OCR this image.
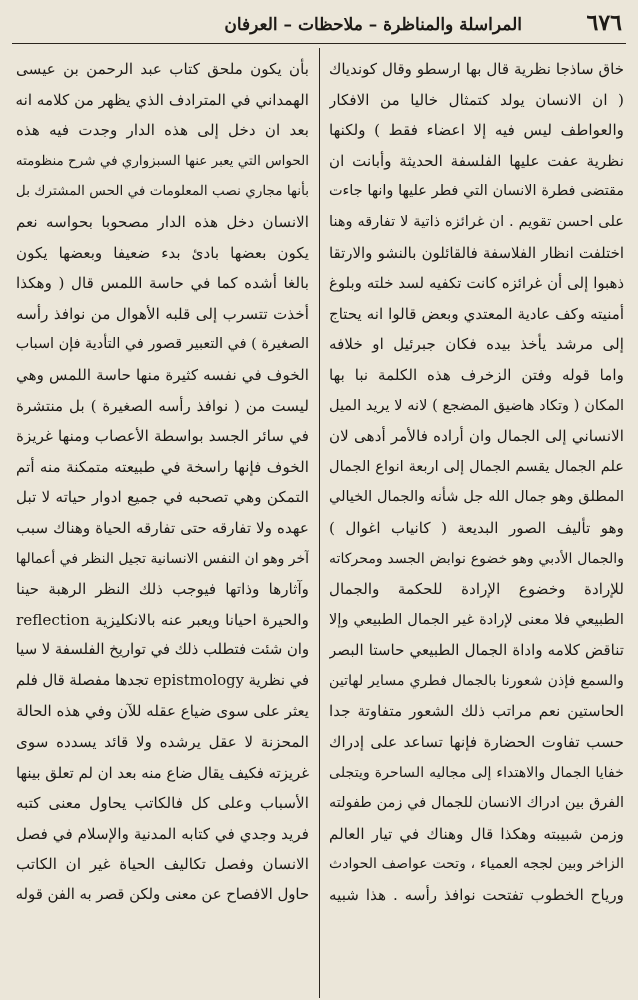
٦٧٦
المراسلة والمناظرة – ملاحظات – العرفان
خاق ساذجا نظرية قال بها ارسطو وقال كوندياك
( ان الانسان يولد كتمثال خاليا من الافكار
والعواطف ليس فيه إلا اعضاء فقط ) ولكنها
نظرية عفت عليها الفلسفة الحديثة وأبانت ان
مقتضى فطرة الانسان التي فطر عليها وانها جاءت
على احسن تقويم . ان غرائزه ذاتية لا تفارقه وهنا
اختلفت انظار الفلاسفة فالقائلون بالنشو والارتقا
ذهبوا إلى أن غرائزه كانت تكفيه لسد خلته وبلوغ
أمنيته وكف عادية المعتدي وبعض قالوا انه يحتاج
إلى مرشد يأخذ بيده فكان جبرئيل او خلافه
واما قوله وفتن الزخرف هذه الكلمة نبا بها
المكان ( وتكاد هاضيق المضجع ) لانه لا يريد الميل
الانساني إلى الجمال وان أراده فالأمر أدهى لان
علم الجمال يقسم الجمال إلى اربعة انواع الجمال
المطلق وهو جمال الله جل شأنه والجمال الخيالي
وهو تأليف الصور البديعة ( كانياب اغوال )
والجمال الأدبي وهو خضوع نوابض الجسد ومحركاته
للإرادة وخضوع الإرادة للحكمة والجمال
الطبيعي فلا معنى لإرادة غير الجمال الطبيعي وإلا
تناقض كلامه واداة الجمال الطبيعي حاستا البصر
والسمع فإذن شعورنا بالجمال فطري مساير لهاتين
الحاستين نعم مراتب ذلك الشعور متفاوتة جدا
حسب تفاوت الحضارة فإنها تساعد على إدراك
خفايا الجمال والاهتداء إلى مجاليه الساحرة ويتجلى
الفرق بين ادراك الانسان للجمال في زمن طفولته
وزمن شبيبته وهكذا قال وهناك في تيار العالم
الزاخر وبين لججه العمياء ، وتحت عواصف الحوادث
ورياح الخطوب تفتحت نوافذ رأسه . هذا شبيه
بأن يكون ملحق كتاب عبد الرحمن بن عيسى
الهمداني في المترادف الذي يظهر من كلامه انه
بعد ان دخل إلى هذه الدار وجدت فيه هذه
الحواس التي يعبر عنها السبزواري في شرح منظومته
بأنها مجاري نصب المعلومات في الحس المشترك بل
الانسان دخل هذه الدار مصحوبا بحواسه نعم
يكون بعضها بادئ بدء ضعيفا وبعضها يكون
بالغا أشده كما في حاسة اللمس قال ( وهكذا
أخذت تتسرب إلى قلبه الأهوال من نوافذ رأسه
الصغيرة ) في التعبير قصور في التأدية فإن اسباب
الخوف في نفسه كثيرة منها حاسة اللمس وهي
ليست من ( نوافذ رأسه الصغيرة ) بل منتشرة
في سائر الجسد بواسطة الأعصاب ومنها غريزة
الخوف فإنها راسخة في طبيعته متمكنة منه أتم
التمكن وهي تصحبه في جميع ادوار حياته لا تبل
عهده ولا تفارقه حتى تفارقه الحياة وهناك سبب
آخر وهو ان النفس الانسانية تجيل النظر في أعمالها
وآثارها وذاتها فيوجب ذلك النظر الرهبة حينا
والحيرة احيانا ويعبر عنه بالانكليزية reflection
وان شئت فتطلب ذلك في تواريخ الفلسفة لا سيا
في نظرية epistmology تجدها مفصلة قال فلم
يعثر على سوى ضياع عقله للآن وفي هذه الحالة
المحزنة لا عقل يرشده ولا قائد يسدده سوى
غريزته فكيف يقال ضاع منه بعد ان لم تعلق بينها
الأسباب وعلى كل فالكاتب يحاول معنى كتبه
فريد وجدي في كتابه المدنية والإسلام في فصل
الانسان وفصل تكاليف الحياة غير ان الكاتب
حاول الافصاح عن معنى ولكن قصر به الفن قوله
